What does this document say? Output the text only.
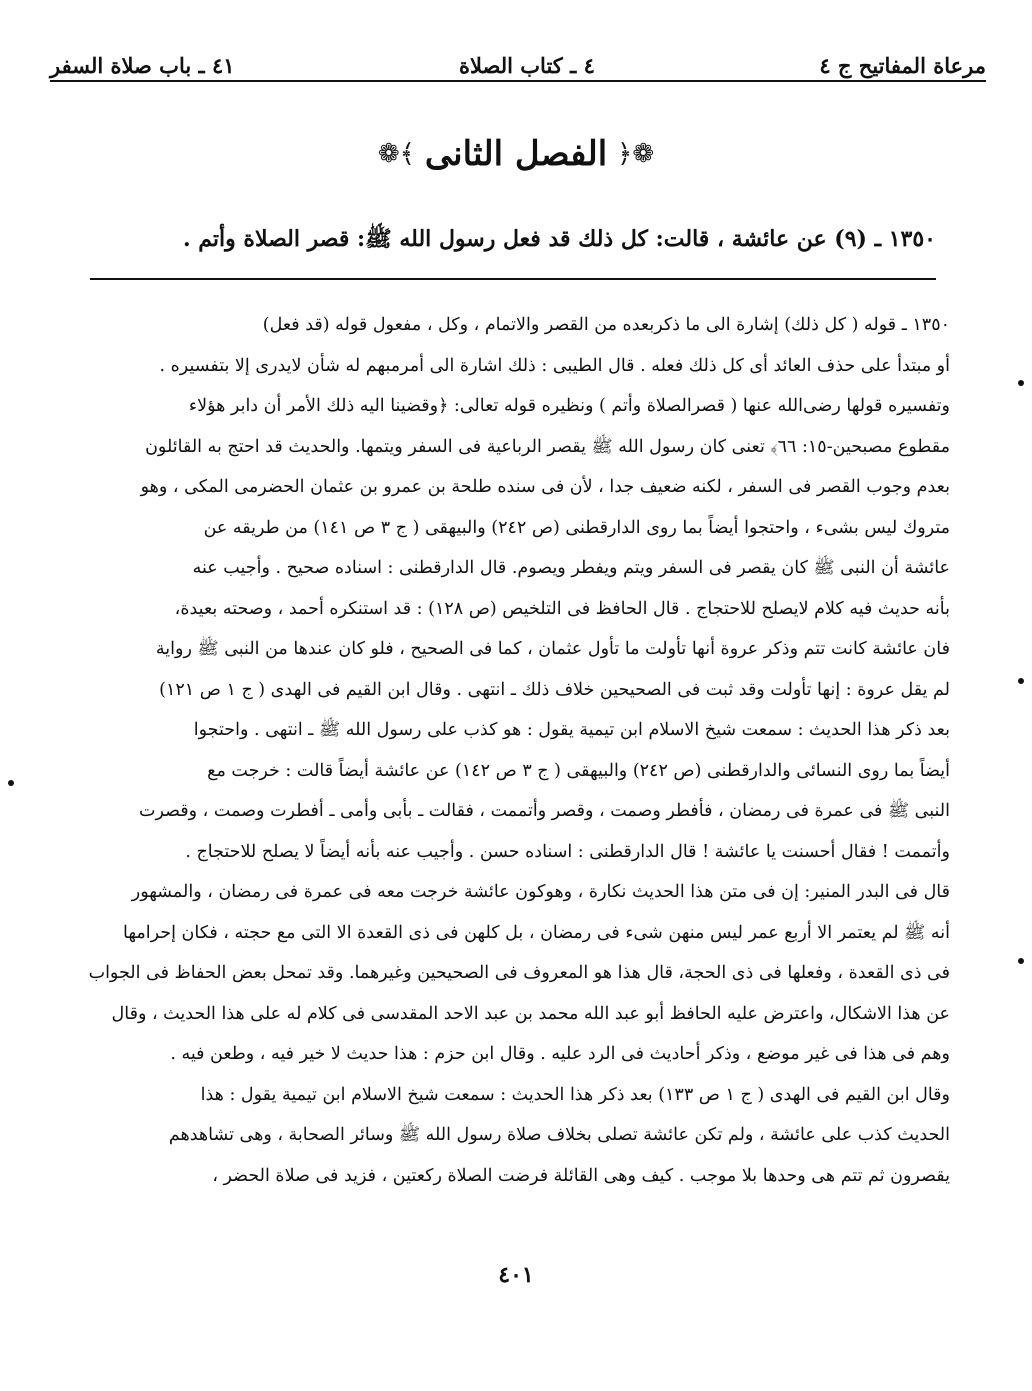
مرعاة المفاتيح ج ٤
٤ ـ كتاب الصلاة
٤١ ـ باب صلاة السفر
❁﴿
الفصل الثانى
﴾❁
١٣٥٠ ـ (٩) عن عائشة ، قالت: كل ذلك قد فعل رسول الله ﷺ: قصر الصلاة وأتم .
١٣٥٠ ـ قوله ( كل ذلك) إشارة الى ما ذكربعده من القصر والاتمام ، وكل ، مفعول قوله (قد فعل)
أو مبتدأ على حذف العائد أى كل ذلك فعله . قال الطيبى : ذلك اشارة الى أمرمبهم له شأن لايدرى إلا بتفسيره .
وتفسيره قولها رضى‌الله عنها ( قصرالصلاة وأتم ) ونظيره قوله تعالى: ﴿وقضينا اليه ذلك الأمر أن دابر هؤلاء
مقطوع مصبحين-١٥: ٦٦﴾ تعنى كان رسول الله ﷺ يقصر الرباعية فى السفر ويتمها. والحديث قد احتج به القائلون
بعدم وجوب القصر فى السفر ، لكنه ضعيف جدا ، لأن فى سنده طلحة بن عمرو بن عثمان الحضرمى المكى ، وهو
متروك ليس بشىء ، واحتجوا أيضاً بما روى الدارقطنى (ص ٢٤٢) والبيهقى ( ج ٣ ص ١٤١) من طريقه عن
عائشة أن النبى ﷺ كان يقصر فى السفر ويتم ويفطر ويصوم. قال الدارقطنى : اسناده صحيح . وأجيب عنه
بأنه حديث فيه كلام لايصلح للاحتجاج . قال الحافظ فى التلخيص (ص ١٢٨) : قد استنكره أحمد ، وصحته بعيدة،
فان عائشة كانت تتم وذكر عروة أنها تأولت ما تأول عثمان ، كما فى الصحيح ، فلو كان عندها من النبى ﷺ رواية
لم يقل عروة : إنها تأولت وقد ثبت فى الصحيحين خلاف ذلك ـ انتهى . وقال ابن القيم فى الهدى ( ج ١ ص ١٢١)
بعد ذكر هذا الحديث : سمعت شيخ الاسلام ابن تيمية يقول : هو كذب على رسول الله ﷺ ـ انتهى . واحتجوا
أيضاً بما روى النسائى والدارقطنى (ص ٢٤٢) والبيهقى ( ج ٣ ص ١٤٢) عن عائشة أيضاً قالت : خرجت مع
النبى ﷺ فى عمرة فى رمضان ، فأفطر وصمت ، وقصر وأتممت ، فقالت ـ بأبى وأمى ـ أفطرت وصمت ، وقصرت
وأتممت ! فقال أحسنت يا عائشة ! قال الدارقطنى : اسناده حسن . وأجيب عنه بأنه أيضاً لا يصلح للاحتجاج .
قال فى البدر المنير: إن فى متن هذا الحديث نكارة ، وهوكون عائشة خرجت معه فى عمرة فى رمضان ، والمشهور
أنه ﷺ لم يعتمر الا أربع عمر ليس منهن شىء فى رمضان ، بل كلهن فى ذى القعدة الا التى مع حجته ، فكان إحرامها
فى ذى القعدة ، وفعلها فى ذى الحجة، قال هذا هو المعروف فى الصحيحين وغيرهما. وقد تمحل بعض الحفاظ فى الجواب
عن هذا الاشكال، واعترض عليه الحافظ أبو عبد الله محمد بن عبد الاحد المقدسى فى كلام له على هذا الحديث ، وقال
وهم فى هذا فى غير موضع ، وذكر أحاديث فى الرد عليه . وقال ابن حزم : هذا حديث لا خير فيه ، وطعن فيه .
وقال ابن القيم فى الهدى ( ج ١ ص ١٣٣) بعد ذكر هذا الحديث : سمعت شيخ الاسلام ابن تيمية يقول : هذا
الحديث كذب على عائشة ، ولم تكن عائشة تصلى بخلاف صلاة رسول الله ﷺ وسائر الصحابة ، وهى تشاهدهم
يقصرون ثم تتم هى وحدها بلا موجب . كيف وهى القائلة فرضت الصلاة ركعتين ، فزيد فى صلاة الحضر ،
٤٠١
